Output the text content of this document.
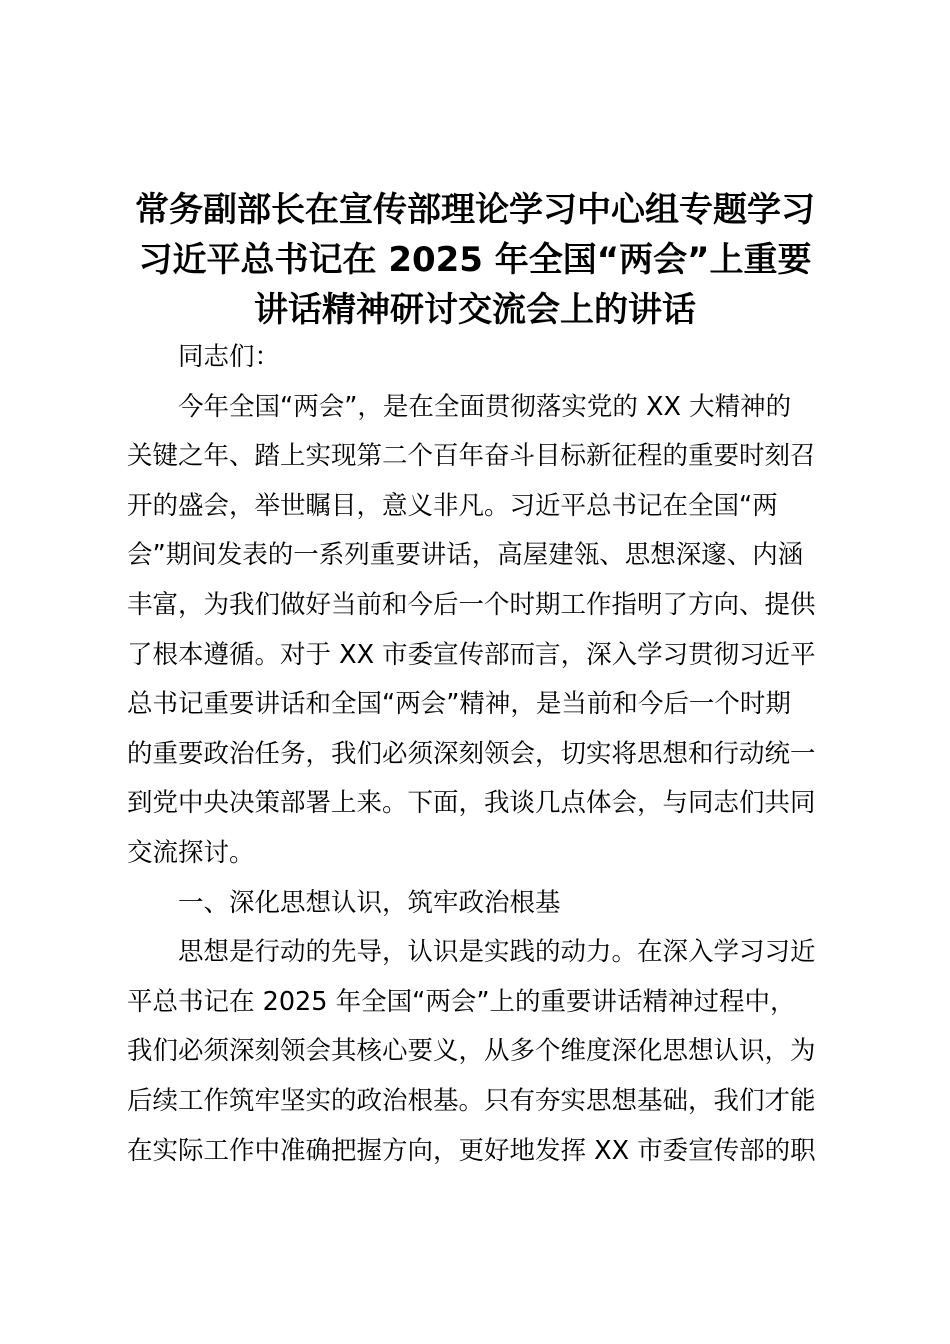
常务副部长在宣传部理论学习中心组专题学习
习近平总书记在 2025 年全国“两会”上重要
讲话精神研讨交流会上的讲话
同志们：
今年全国“两会”，是在全面贯彻落实党的 XX 大精神的
关键之年、踏上实现第二个百年奋斗目标新征程的重要时刻召
开的盛会，举世瞩目，意义非凡。习近平总书记在全国“两
会”期间发表的一系列重要讲话，高屋建瓴、思想深邃、内涵
丰富，为我们做好当前和今后一个时期工作指明了方向、提供
了根本遵循。对于 XX 市委宣传部而言，深入学习贯彻习近平
总书记重要讲话和全国“两会”精神，是当前和今后一个时期
的重要政治任务，我们必须深刻领会，切实将思想和行动统一
到党中央决策部署上来。下面，我谈几点体会，与同志们共同
交流探讨。
一、深化思想认识，筑牢政治根基
思想是行动的先导，认识是实践的动力。在深入学习习近
平总书记在 2025 年全国“两会”上的重要讲话精神过程中，
我们必须深刻领会其核心要义，从多个维度深化思想认识，为
后续工作筑牢坚实的政治根基。只有夯实思想基础，我们才能
在实际工作中准确把握方向，更好地发挥 XX 市委宣传部的职
